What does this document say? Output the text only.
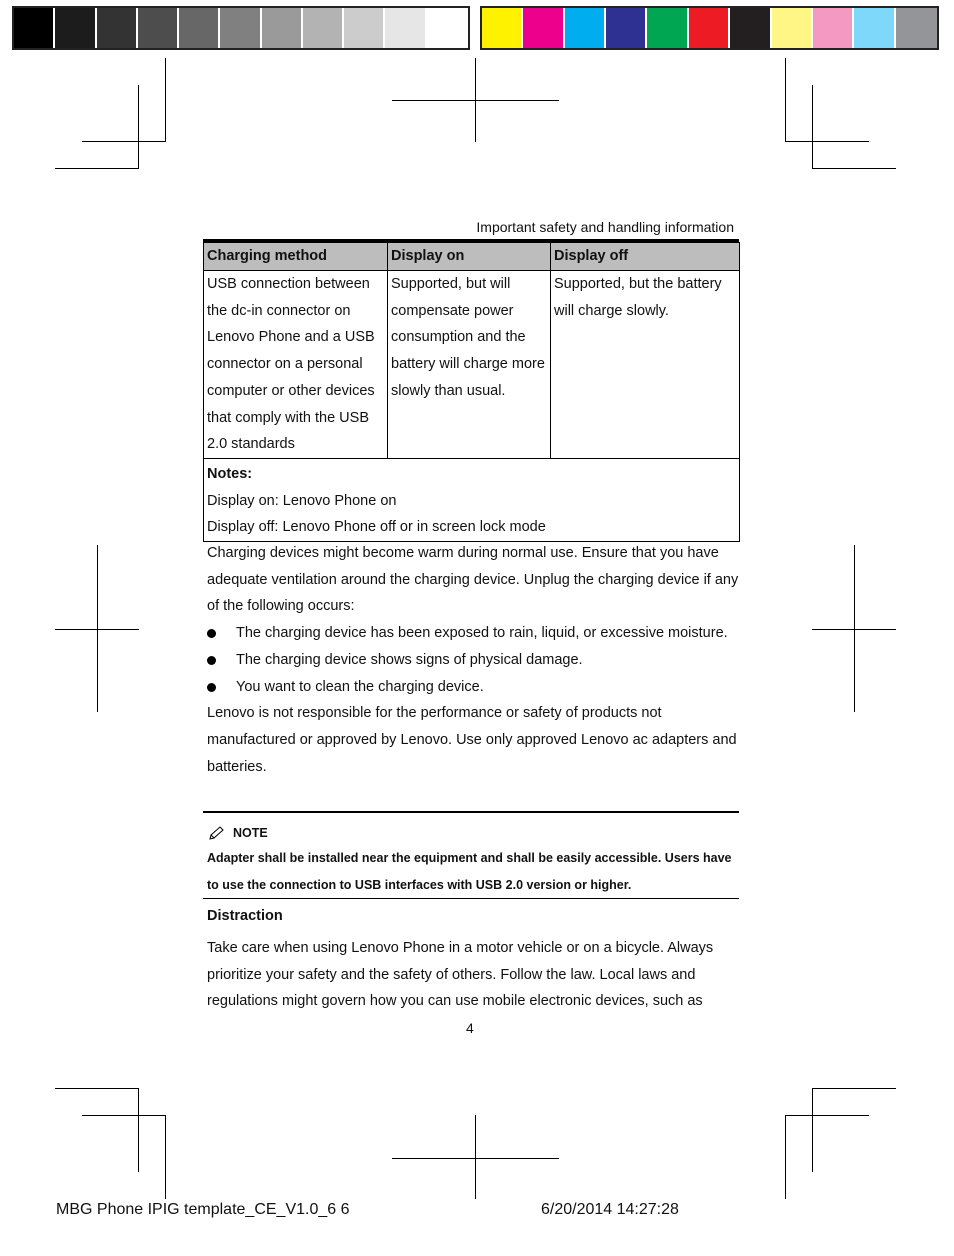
Important safety and handling information
Charging method	Display on	Display off
USB connection between the dc-in connector on Lenovo Phone and a USB connector on a personal computer or other devices that comply with the USB 2.0 standards	Supported, but will compensate power consumption and the battery will charge more slowly than usual.	Supported, but the battery will charge slowly.

Notes:

Display on: Lenovo Phone on

Display off: Lenovo Phone off or in screen lock mode		

Charging devices might become warm during normal use. Ensure that you have adequate ventilation around the charging device. Unplug the charging device if any of the following occurs:

The charging device has been exposed to rain, liquid, or excessive moisture.
The charging device shows signs of physical damage.
You want to clean the charging device.

Lenovo is not responsible for the performance or safety of products not manufactured or approved by Lenovo. Use only approved Lenovo ac adapters and batteries.

NOTE
Adapter shall be installed near the equipment and shall be easily accessible. Users have to use the connection to USB interfaces with USB 2.0 version or higher.
Distraction
Take care when using Lenovo Phone in a motor vehicle or on a bicycle. Always prioritize your safety and the safety of others. Follow the law. Local laws and regulations might govern how you can use mobile electronic devices, such as
4
MBG Phone IPIG template_CE_V1.0_6 6	6/20/2014 14:27:28
